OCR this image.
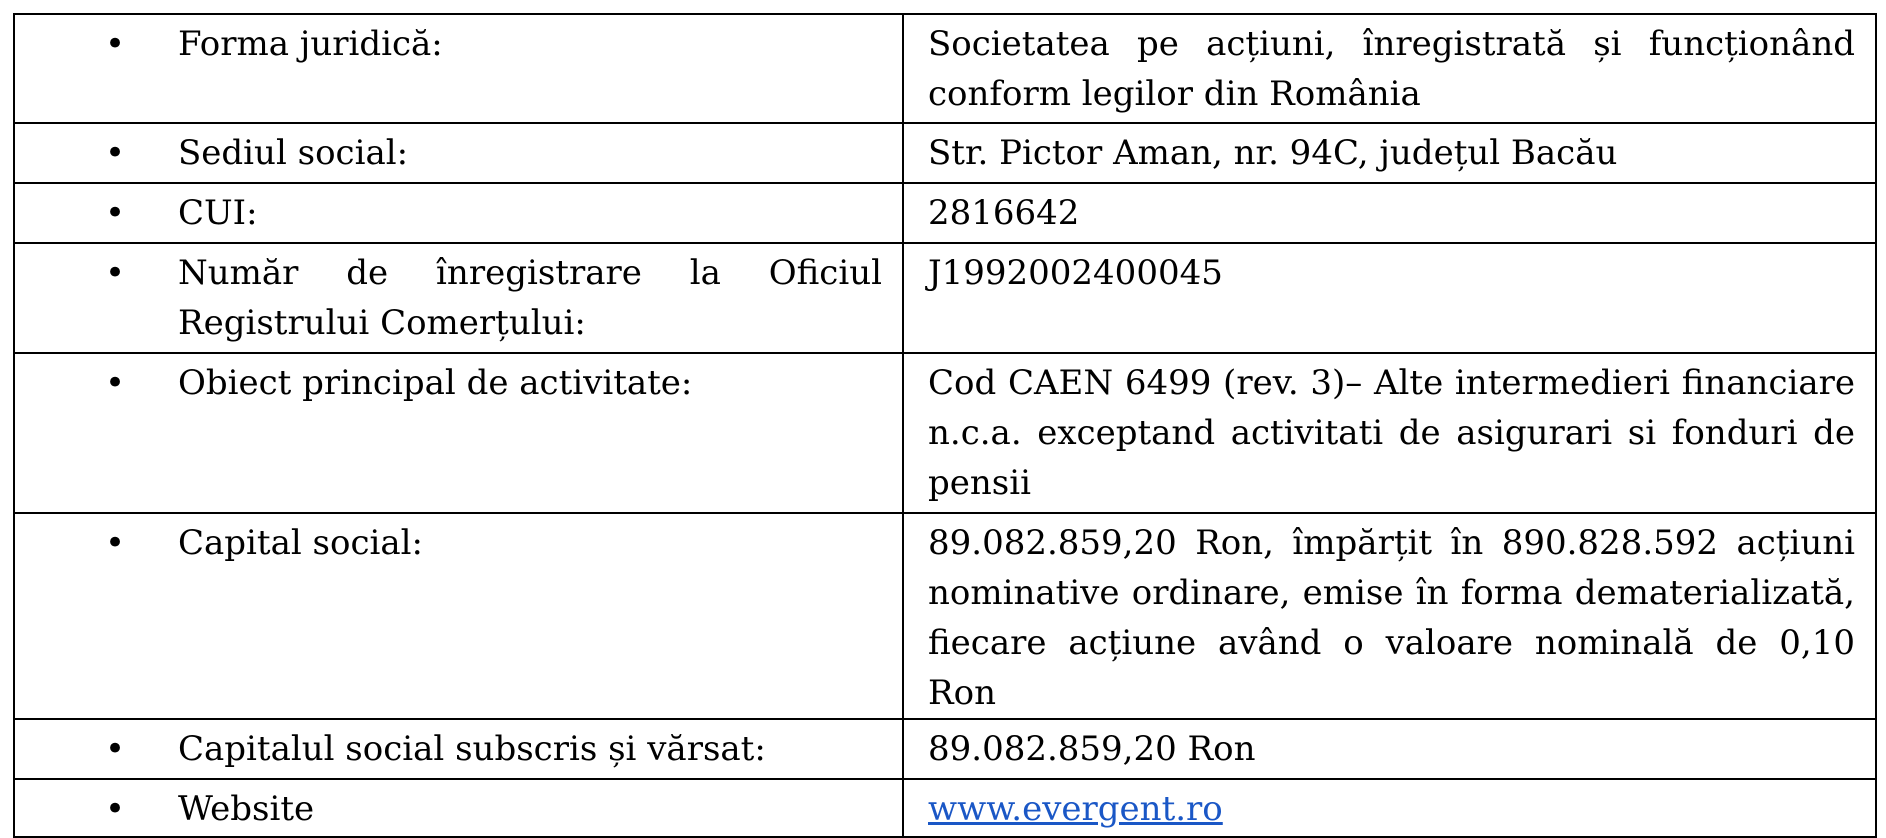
• Forma juridică:	Societatea pe acțiuni, înregistrată și funcționând conform legilor din România

• Sediul social:	Str. Pictor Aman, nr. 94C, județul Bacău

• CUI:	2816642

• Număr de înregistrare la Oficiul Registrului Comerțului:	J1992002400045

• Obiect principal de activitate:	Cod CAEN 6499 (rev. 3)– Alte intermedieri financiare n.c.a. exceptand activitati de asigurari si fonduri de pensii

• Capital social:	89.082.859,20 Ron, împărțit în 890.828.592 acțiuni nominative ordinare, emise în forma dematerializată, fiecare acțiune având o valoare nominală de 0,10 Ron

• Capitalul social subscris și vărsat:	89.082.859,20 Ron

• Website	www.evergent.ro
